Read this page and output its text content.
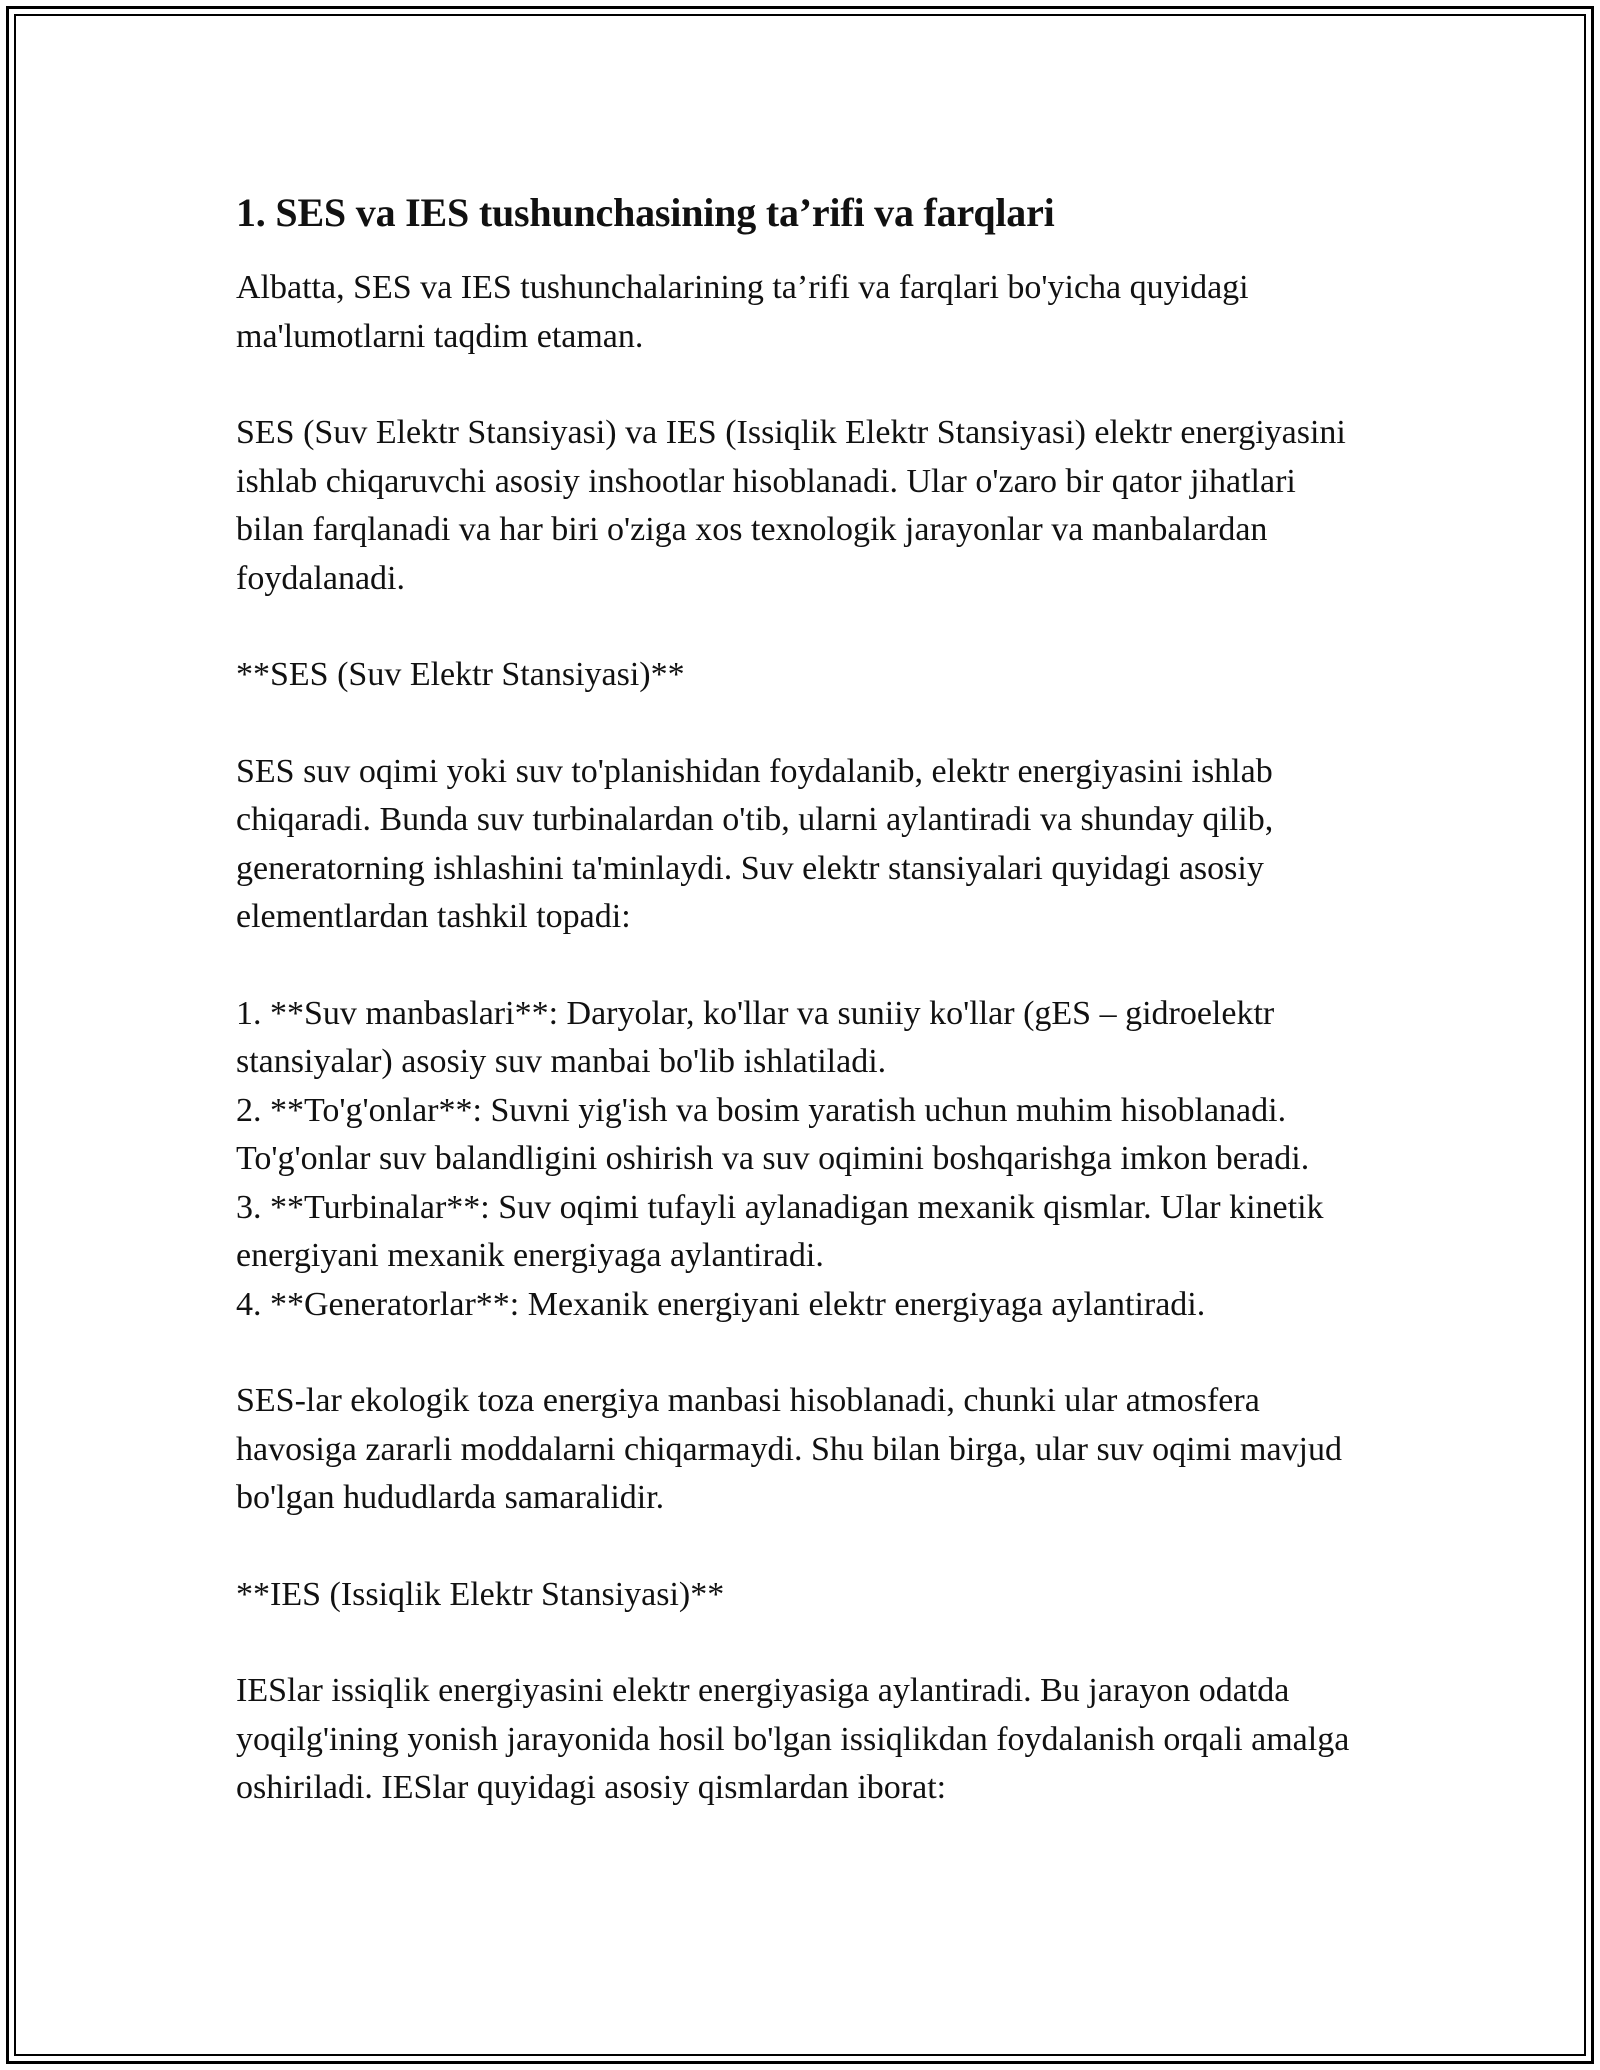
1. SES va IES tushunchasining ta’rifi va farqlari

Albatta, SES va IES tushunchalarining ta’rifi va farqlari bo'yicha quyidagi ma'lumotlarni taqdim etaman.

SES (Suv Elektr Stansiyasi) va IES (Issiqlik Elektr Stansiyasi) elektr energiyasini ishlab chiqaruvchi asosiy inshootlar hisoblanadi. Ular o'zaro bir qator jihatlari bilan farqlanadi va har biri o'ziga xos texnologik jarayonlar va manbalardan foydalanadi.

**SES (Suv Elektr Stansiyasi)**

SES suv oqimi yoki suv to'planishidan foydalanib, elektr energiyasini ishlab chiqaradi. Bunda suv turbinalardan o'tib, ularni aylantiradi va shunday qilib, generatorning ishlashini ta'minlaydi. Suv elektr stansiyalari quyidagi asosiy elementlardan tashkil topadi:

1. **Suv manbaslari**: Daryolar, ko'llar va suniiy ko'llar (gES – gidroelektr stansiyalar) asosiy suv manbai bo'lib ishlatiladi.

2. **To'g'onlar**: Suvni yig'ish va bosim yaratish uchun muhim hisoblanadi. To'g'onlar suv balandligini oshirish va suv oqimini boshqarishga imkon beradi.

3. **Turbinalar**: Suv oqimi tufayli aylanadigan mexanik qismlar. Ular kinetik energiyani mexanik energiyaga aylantiradi.

4. **Generatorlar**: Mexanik energiyani elektr energiyaga aylantiradi.

SES-lar ekologik toza energiya manbasi hisoblanadi, chunki ular atmosfera havosiga zararli moddalarni chiqarmaydi. Shu bilan birga, ular suv oqimi mavjud bo'lgan hududlarda samaralidir.

**IES (Issiqlik Elektr Stansiyasi)**

IESlar issiqlik energiyasini elektr energiyasiga aylantiradi. Bu jarayon odatda yoqilg'ining yonish jarayonida hosil bo'lgan issiqlikdan foydalanish orqali amalga oshiriladi. IESlar quyidagi asosiy qismlardan iborat:
